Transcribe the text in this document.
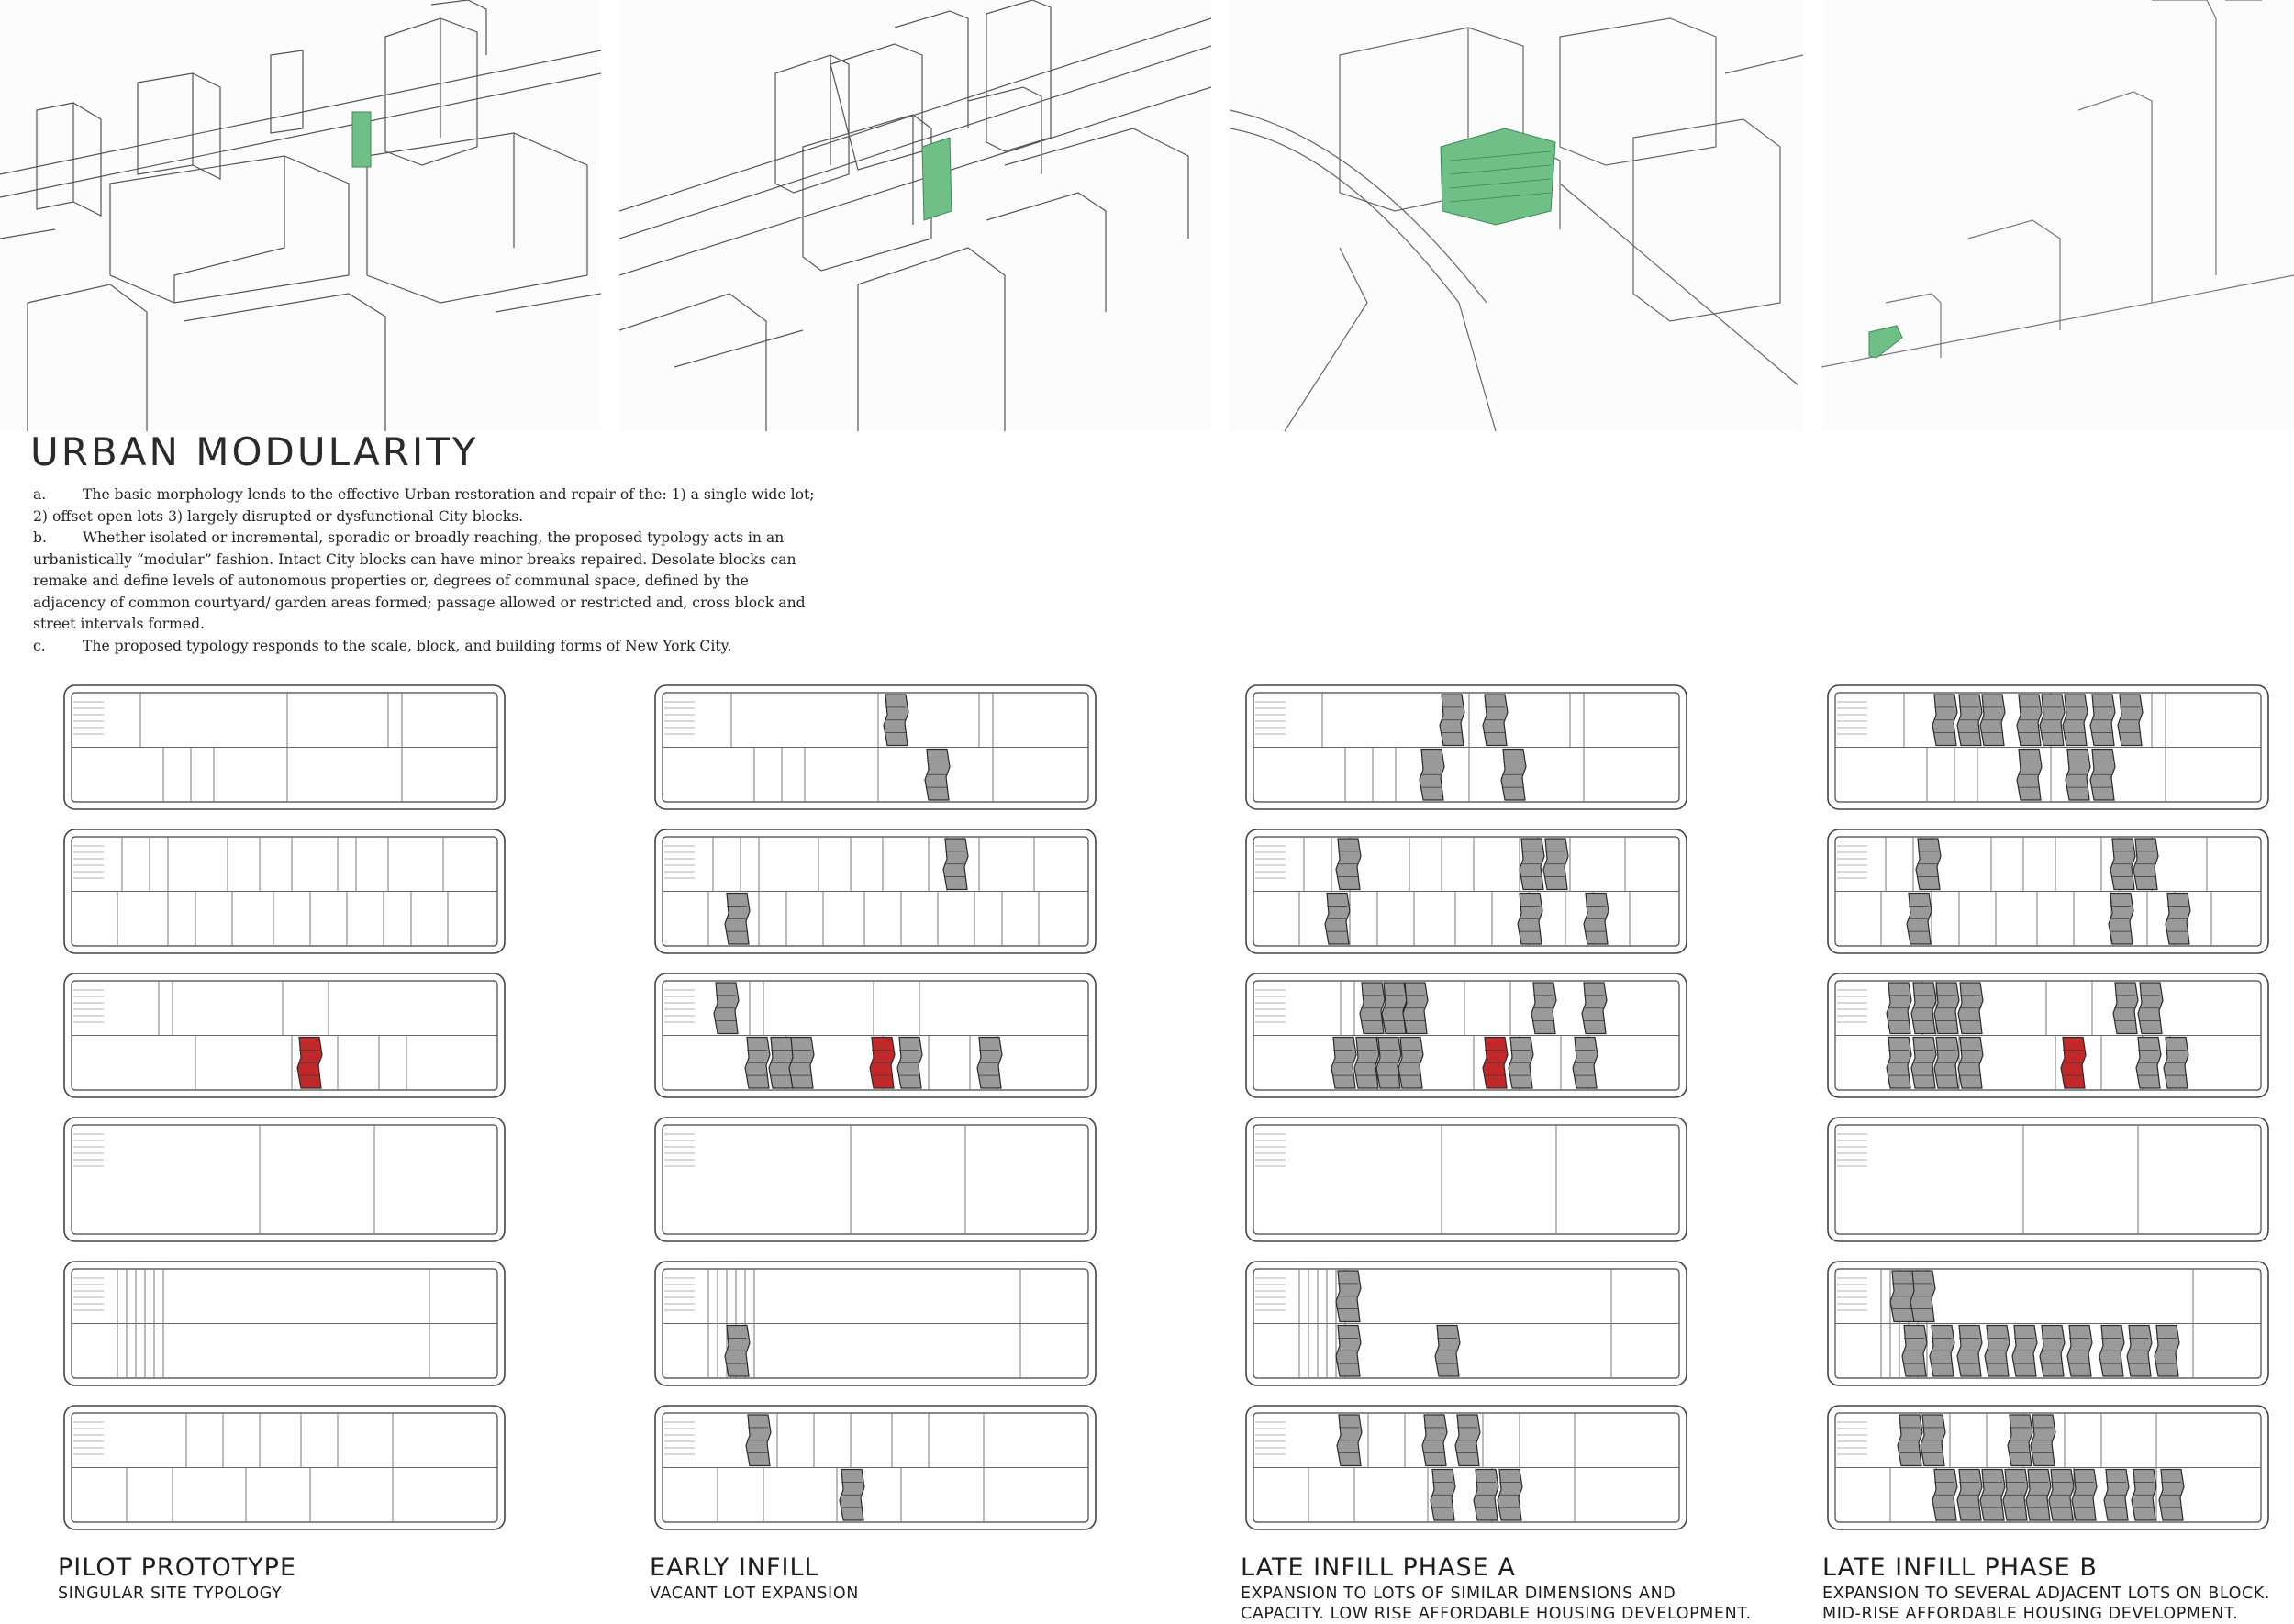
URBAN MODULARITY

a.	The basic morphology lends to the effective Urban restoration and repair of the: 1) a single wide lot; 2) offset open lots 3) largely disrupted or dysfunctional City blocks.

b.	Whether isolated or incremental, sporadic or broadly reaching, the proposed typology acts in an urbanistically “modular” fashion. Intact City blocks can have minor breaks repaired. Desolate blocks can remake and define levels of autonomous properties or, degrees of communal space, defined by the adjacency of common courtyard/ garden areas formed; passage allowed or restricted and, cross block and street intervals formed.

c.	The proposed typology responds to the scale, block, and building forms of New York City.

PILOT PROTOTYPE

SINGULAR SITE TYPOLOGY

EARLY INFILL

VACANT LOT EXPANSION

LATE INFILL PHASE A

EXPANSION TO LOTS OF SIMILAR DIMENSIONS AND CAPACITY. LOW RISE AFFORDABLE HOUSING DEVELOPMENT.

LATE INFILL PHASE B

EXPANSION TO SEVERAL ADJACENT LOTS ON BLOCK. MID-RISE AFFORDABLE HOUSING DEVELOPMENT.
